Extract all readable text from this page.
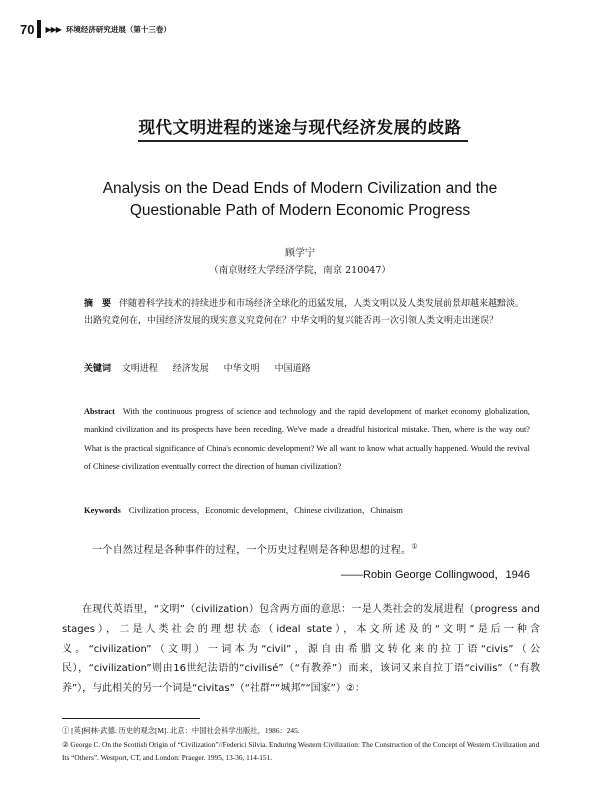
70 ▶▶▶ 环境经济研究进展（第十三卷）
现代文明进程的迷途与现代经济发展的歧路
Analysis on the Dead Ends of Modern Civilization and the
Questionable Path of Modern Economic Progress
顾学宁
（南京财经大学经济学院，南京 210047）
摘　要 伴随着科学技术的持续进步和市场经济全球化的迅猛发展，人类文明以及人类发展前景却越来越黯淡。出路究竟何在，中国经济发展的现实意义究竟何在？中华文明的复兴能否再一次引领人类文明走出迷误？
关键词 文明进程 经济发展 中华文明 中国道路
Abstract With the continuous progress of science and technology and the rapid development of market economy globalization, mankind civilization and its prospects have been receding. We've made a dreadful historical mistake. Then, where is the way out? What is the practical significance of China's economic development? We all want to know what actually happened. Would the revival of Chinese civilization eventually correct the direction of human civilization?
Keywords Civilization process，Economic development，Chinese civilization，Chinaism
一个自然过程是各种事件的过程，一个历史过程则是各种思想的过程。①
——Robin George Collingwood，1946
在现代英语里，“文明”（civilization）包含两方面的意思：一是人类社会的发展进程（progress and stages），二是人类社会的理想状态（ideal state），本文所述及的“文明”是后一种含义。“civilization”（文明）一词本为“civil”，源自由希腊文转化来的拉丁语“civis”（公民），“civilization”则由16世纪法语的“civilisé”（“有教养”）而来，该词又来自拉丁语“civilis”（“有教养”），与此相关的另一个词是“civitas”（“社群”“城邦”“国家”）②：
① [英]柯林·武德. 历史的观念[M]. 北京：中国社会科学出版社，1986：245.
② George C. On the Scottish Origin of “Civilization”//Federici Silvia. Enduring Western Civilization: The Construction of the Concept of Western Civilization and Its “Others”. Westport, CT, and London: Praeger. 1995, 13-36, 114-151.
